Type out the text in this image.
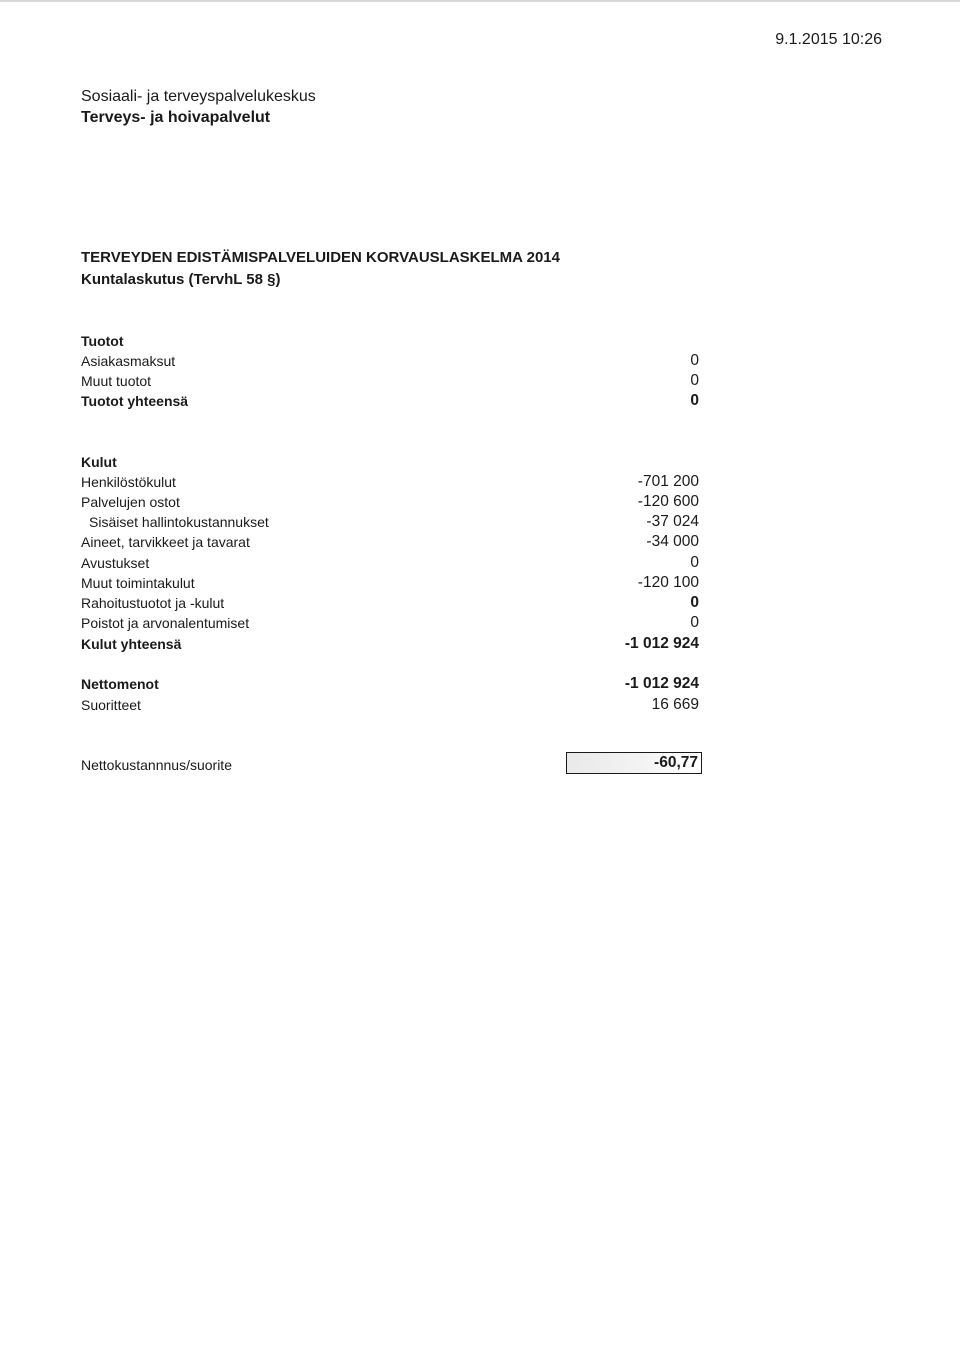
9.1.2015 10:26
Sosiaali- ja terveyspalvelukeskus
Terveys- ja hoivapalvelut
TERVEYDEN EDISTÄMISPALVELUIDEN KORVAUSLASKELMA 2014
Kuntalaskutus (TervhL 58 §)
Tuotot
Asiakasmaksut	0
Muut tuotot	0
Tuotot yhteensä	0
Kulut
Henkilöstökulut	-701 200
Palvelujen ostot	-120 600
Sisäiset hallintokustannukset	-37 024
Aineet, tarvikkeet ja tavarat	-34 000
Avustukset	0
Muut toimintakulut	-120 100
Rahoitustuotot ja -kulut	0
Poistot ja arvonalentumiset	0
Kulut yhteensä	-1 012 924
Nettomenot	-1 012 924
Suoritteet	16 669
Nettokustannnus/suorite	-60,77
